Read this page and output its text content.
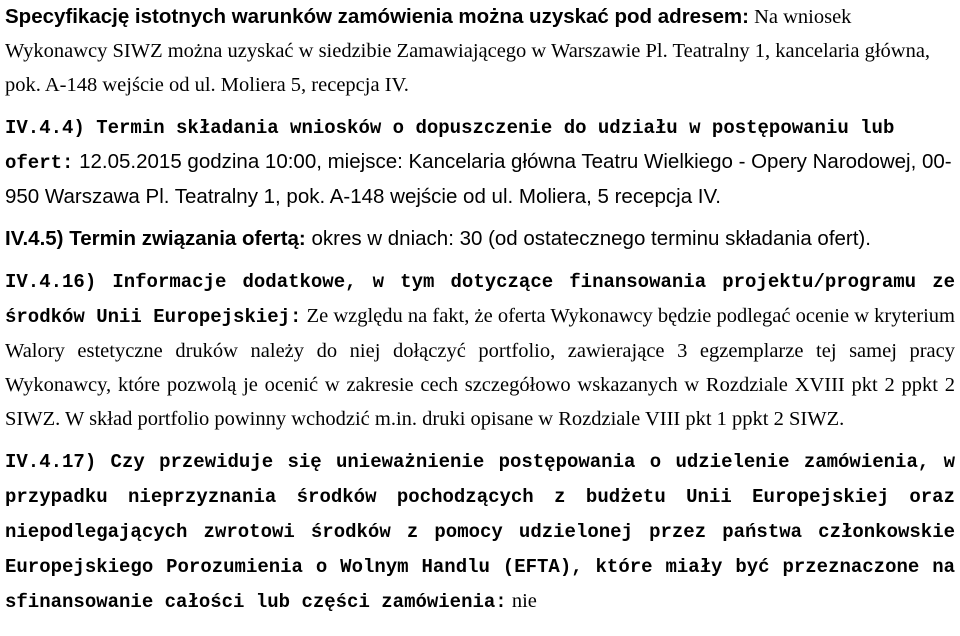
Specyfikację istotnych warunków zamówienia można uzyskać pod adresem: Na wniosek Wykonawcy SIWZ można uzyskać w siedzibie Zamawiającego w Warszawie Pl. Teatralny 1, kancelaria główna, pok. A-148 wejście od ul. Moliera 5, recepcja IV.

IV.4.4) Termin składania wniosków o dopuszczenie do udziału w postępowaniu lub ofert: 12.05.2015 godzina 10:00, miejsce: Kancelaria główna Teatru Wielkiego - Opery Narodowej, 00-950 Warszawa Pl. Teatralny 1, pok. A-148 wejście od ul. Moliera, 5 recepcja IV.

IV.4.5) Termin związania ofertą: okres w dniach: 30 (od ostatecznego terminu składania ofert).

IV.4.16) Informacje dodatkowe, w tym dotyczące finansowania projektu/programu ze środków Unii Europejskiej: Ze względu na fakt, że oferta Wykonawcy będzie podlegać ocenie w kryterium Walory estetyczne druków należy do niej dołączyć portfolio, zawierające 3 egzemplarze tej samej pracy Wykonawcy, które pozwolą je ocenić w zakresie cech szczegółowo wskazanych w Rozdziale XVIII pkt 2 ppkt 2 SIWZ. W skład portfolio powinny wchodzić m.in. druki opisane w Rozdziale VIII pkt 1 ppkt 2 SIWZ.

IV.4.17) Czy przewiduje się unieważnienie postępowania o udzielenie zamówienia, w przypadku nieprzyznania środków pochodzących z budżetu Unii Europejskiej oraz niepodlegających zwrotowi środków z pomocy udzielonej przez państwa członkowskie Europejskiego Porozumienia o Wolnym Handlu (EFTA), które miały być przeznaczone na sfinansowanie całości lub części zamówienia: nie
